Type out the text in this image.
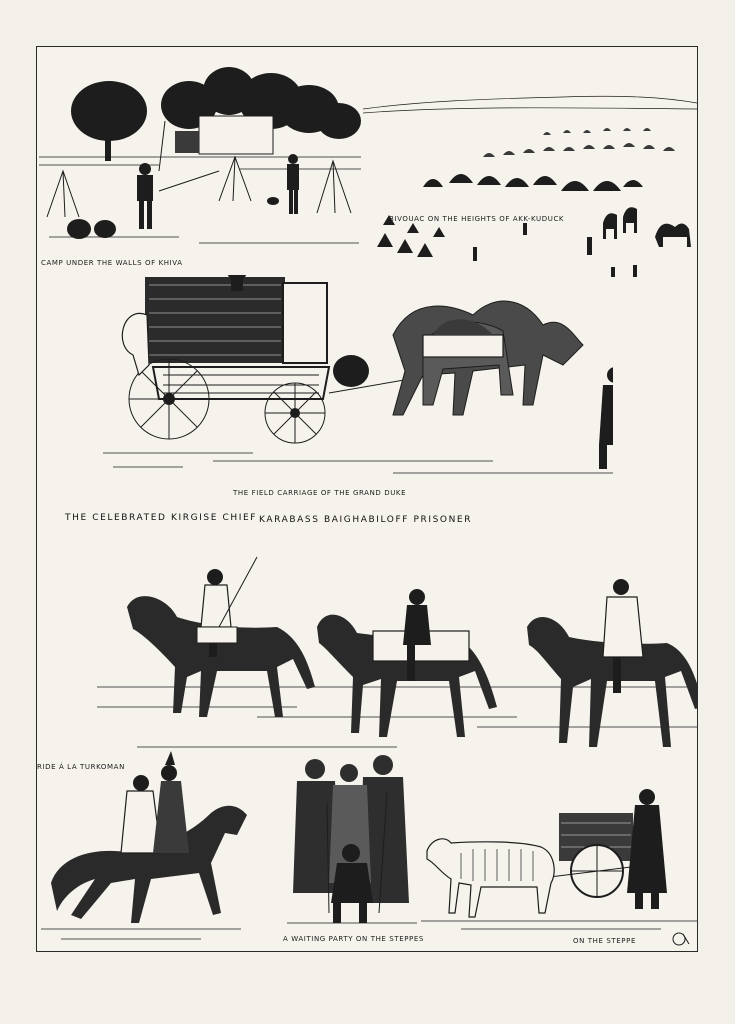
CAMP UNDER THE WALLS OF KHIVA
BIVOUAC ON THE HEIGHTS OF AKK-KUDUCK
THE FIELD CARRIAGE OF THE GRAND DUKE
THE CELEBRATED KIRGISE CHIEF KARABASS BAIGHABILOFF PRISONER
RIDE Á LA TURKOMAN
A WAITING PARTY ON THE STEPPES	ON THE STEPPE
